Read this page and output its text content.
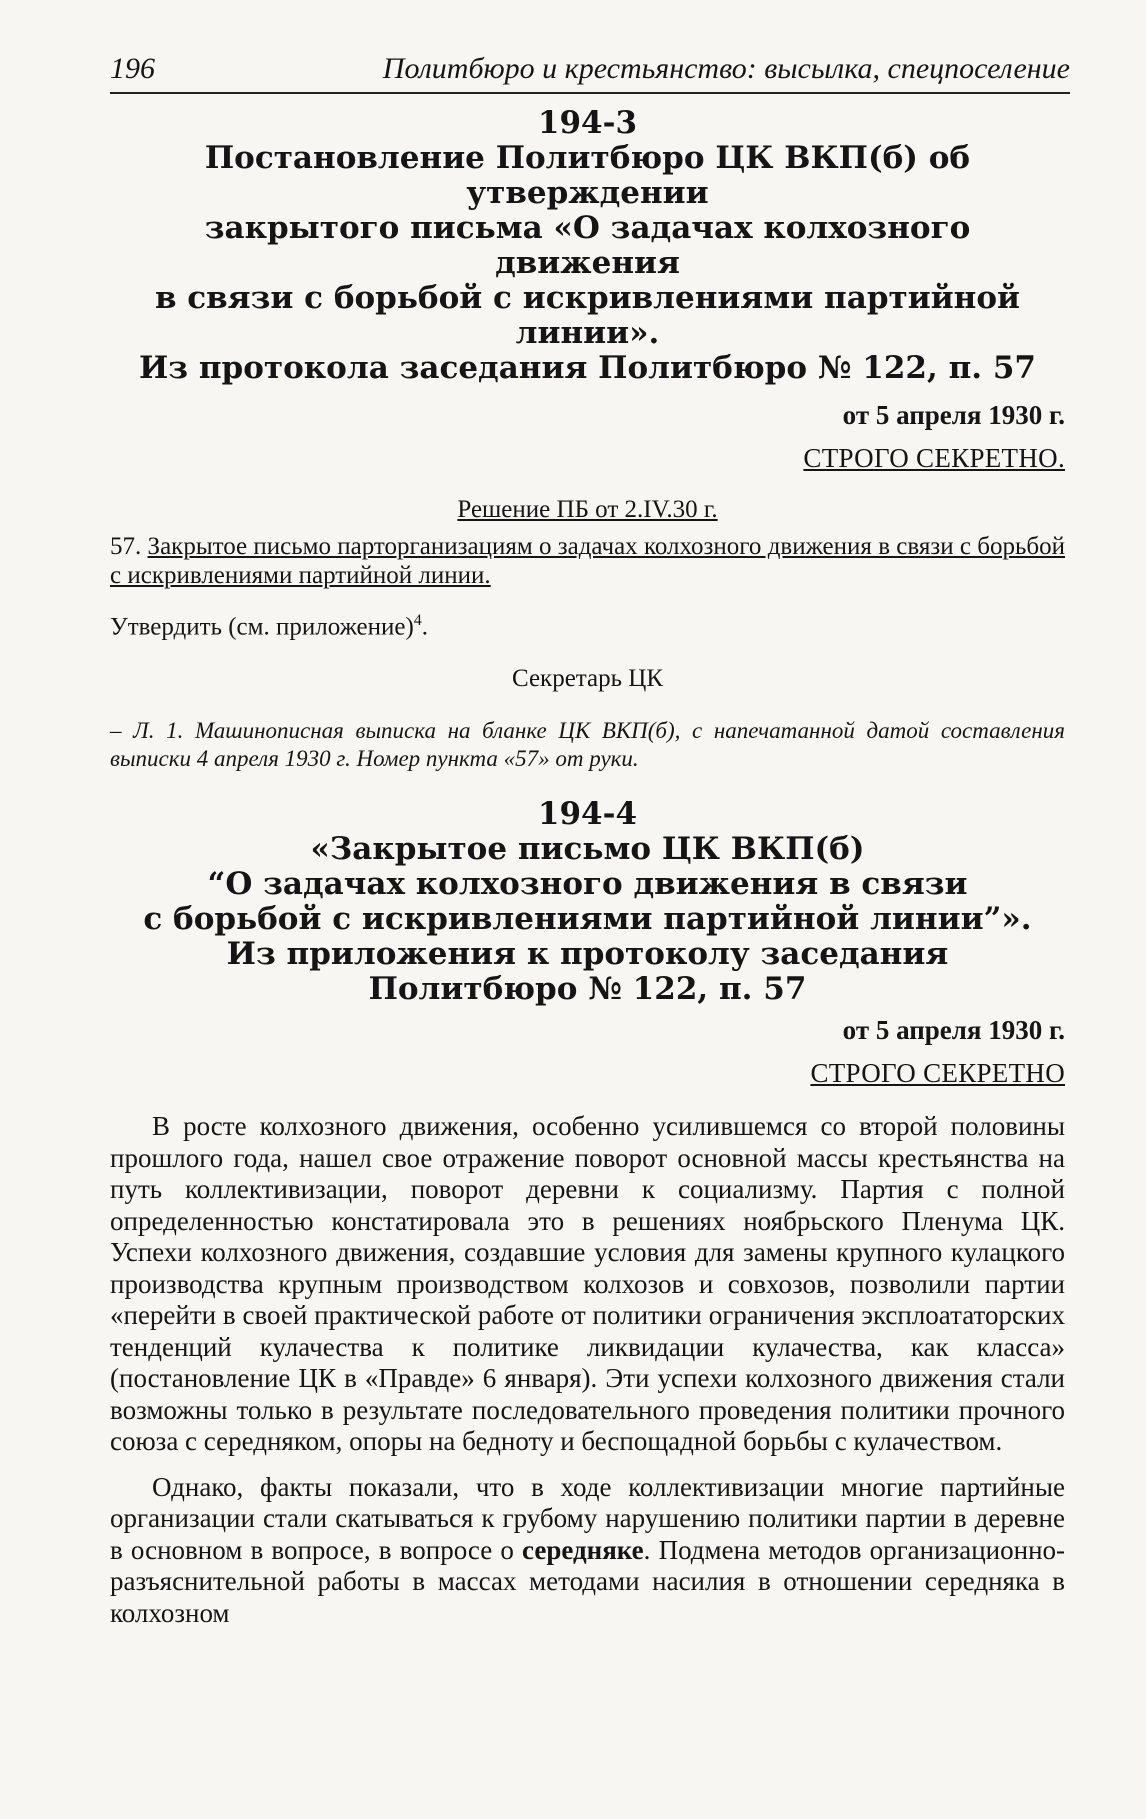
196	Политбюро и крестьянство: высылка, спецпоселение

194-3

Постановление Политбюро ЦК ВКП(б) об утверждении

закрытого письма «О задачах колхозного движения

в связи с борьбой с искривлениями партийной линии».

Из протокола заседания Политбюро № 122, п. 57

от 5 апреля 1930 г.
СТРОГО СЕКРЕТНО.
Решение ПБ от 2.IV.30 г.
57. Закрытое письмо парторганизациям о задачах колхозного движения в связи с борьбой с искривлениями партийной линии.
Утвердить (см. приложение)$^4$.
Секретарь ЦК
– Л. 1. Машинописная выписка на бланке ЦК ВКП(б), с напечатанной датой составления выписки 4 апреля 1930 г. Номер пункта «57» от руки.

194-4

«Закрытое письмо ЦК ВКП(б)

“О задачах колхозного движения в связи

с борьбой с искривлениями партийной линии”».

Из приложения к протоколу заседания

Политбюро № 122, п. 57

от 5 апреля 1930 г.
СТРОГО СЕКРЕТНО

В росте колхозного движения, особенно усилившемся со второй половины прошлого года, нашел свое отражение поворот основной массы крестьянства на путь коллективизации, поворот деревни к социализму. Партия с полной определенностью констатировала это в решениях ноябрьского Пленума ЦК. Успехи колхозного движения, создавшие условия для замены крупного кулацкого производства крупным производством колхозов и совхозов, позволили партии «перейти в своей практической работе от политики ограничения эксплоататорских тенденций кулачества к политике ликвидации кулачества, как класса» (постановление ЦК в «Правде» 6 января). Эти успехи колхозного движения стали возможны только в результате последовательного проведения политики прочного союза с середняком, опоры на бедноту и беспощадной борьбы с кулачеством.

Однако, факты показали, что в ходе коллективизации многие партийные организации стали скатываться к грубому нарушению политики партии в деревне в основном в вопросе, в вопросе о середняке. Подмена методов организационно-разъяснительной работы в массах методами насилия в отношении середняка в колхозном
